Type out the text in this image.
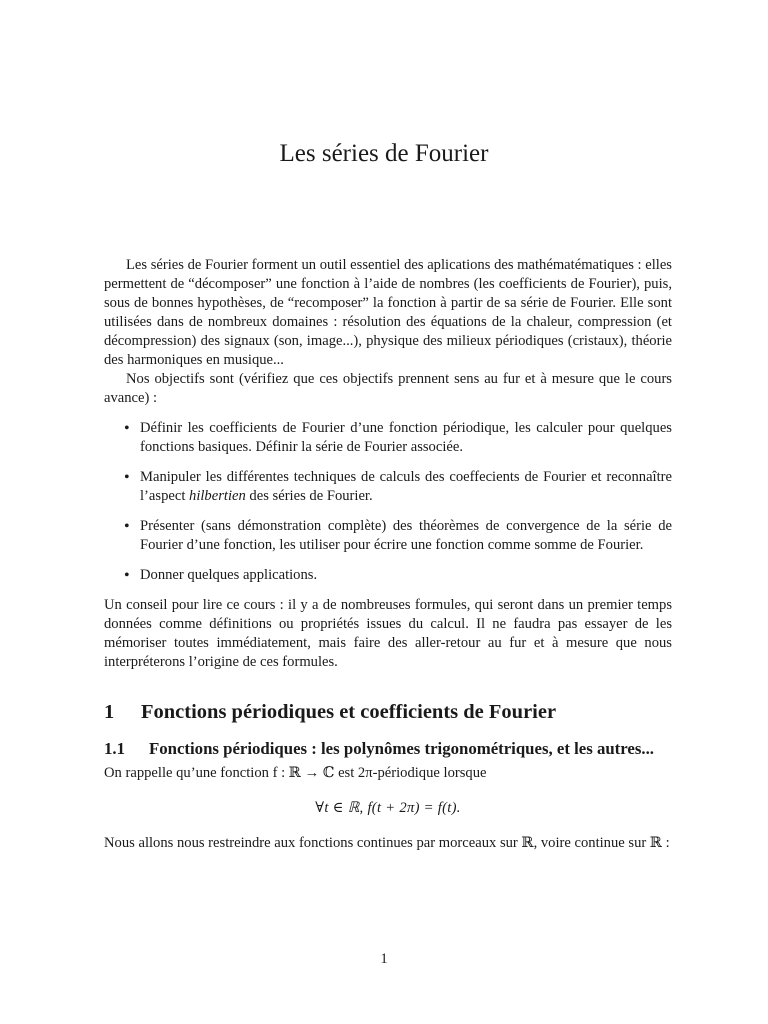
Les séries de Fourier

Les séries de Fourier forment un outil essentiel des aplications des mathématématiques : elles permettent de “décomposer” une fonction à l’aide de nombres (les coefficients de Fourier), puis, sous de bonnes hypothèses, de “recomposer” la fonction à partir de sa série de Fourier. Elle sont utilisées dans de nombreux domaines : résolution des équations de la chaleur, compression (et décompression) des signaux (son, image...), physique des milieux périodiques (cristaux), théorie des harmoniques en musique...

Nos objectifs sont (vérifiez que ces objectifs prennent sens au fur et à mesure que le cours avance) :

• Définir les coefficients de Fourier d’une fonction périodique, les calculer pour quelques fonctions basiques. Définir la série de Fourier associée.
• Manipuler les différentes techniques de calculs des coeffecients de Fourier et reconnaître l’aspect hilbertien des séries de Fourier.
• Présenter (sans démonstration complète) des théorèmes de convergence de la série de Fourier d’une fonction, les utiliser pour écrire une fonction comme somme de Fourier.
• Donner quelques applications.

Un conseil pour lire ce cours : il y a de nombreuses formules, qui seront dans un premier temps données comme définitions ou propriétés issues du calcul. Il ne faudra pas essayer de les mémoriser toutes immédiatement, mais faire des aller-retour au fur et à mesure que nous interpréterons l’origine de ces formules.

1	Fonctions périodiques et coefficients de Fourier
1.1	Fonctions périodiques : les polynômes trigonométriques, et les autres...

On rappelle qu’une fonction f : ℝ → ℂ est 2π-périodique lorsque

∀t ∈ ℝ, f(t + 2π) = f(t).

Nous allons nous restreindre aux fonctions continues par morceaux sur ℝ, voire continue sur ℝ :

1
